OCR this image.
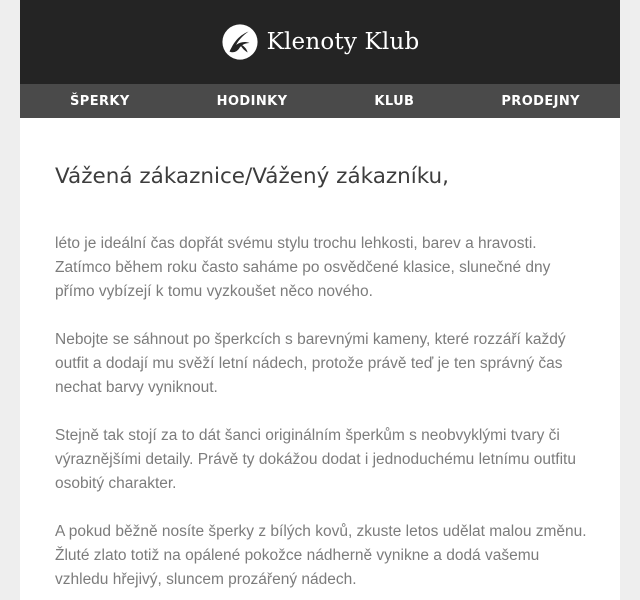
Klenoty Klub
ŠPERKY	HODINKY	KLUB	PRODEJNY
Vážená zákaznice/Vážený zákazníku,

léto je ideální čas dopřát svému stylu trochu lehkosti, barev a hravosti. Zatímco během roku často saháme po osvědčené klasice, slunečné dny přímo vybízejí k tomu vyzkoušet něco nového.

Nebojte se sáhnout po šperkcích s barevnými kameny, které rozzáří každý outfit a dodají mu svěží letní nádech, protože právě teď je ten správný čas nechat barvy vyniknout.

Stejně tak stojí za to dát šanci originálním šperkům s neobvyklými tvary či výraznějšími detaily. Právě ty dokážou dodat i jednoduchému letnímu outfitu osobitý charakter.

A pokud běžně nosíte šperky z bílých kovů, zkuste letos udělat malou změnu. Žluté zlato totiž na opálené pokožce nádherně vynikne a dodá vašemu vzhledu hřejivý, sluncem prozářený nádech.
